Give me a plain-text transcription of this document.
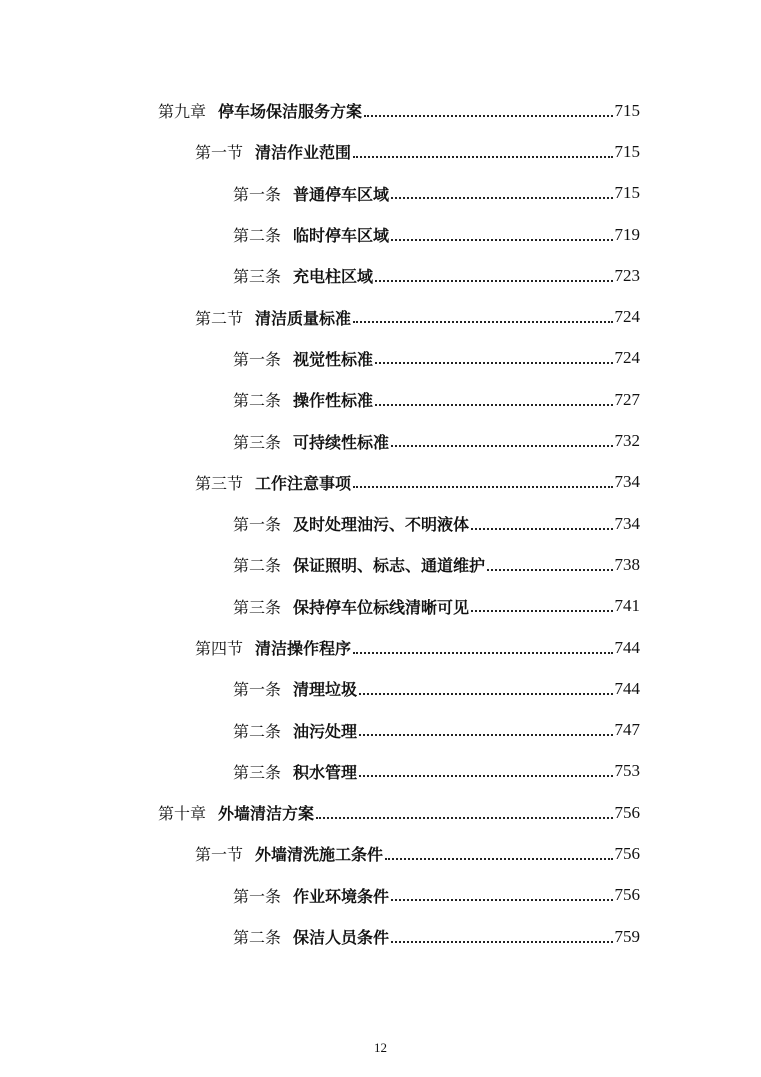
第九章 停车场保洁服务方案	715
第一节 清洁作业范围	715
第一条 普通停车区域	715
第二条 临时停车区域	719
第三条 充电柱区域	723
第二节 清洁质量标准	724
第一条 视觉性标准	724
第二条 操作性标准	727
第三条 可持续性标准	732
第三节 工作注意事项	734
第一条 及时处理油污、不明液体	734
第二条 保证照明、标志、通道维护	738
第三条 保持停车位标线清晰可见	741
第四节 清洁操作程序	744
第一条 清理垃圾	744
第二条 油污处理	747
第三条 积水管理	753
第十章 外墙清洁方案	756
第一节 外墙清洗施工条件	756
第一条 作业环境条件	756
第二条 保洁人员条件	759
12
